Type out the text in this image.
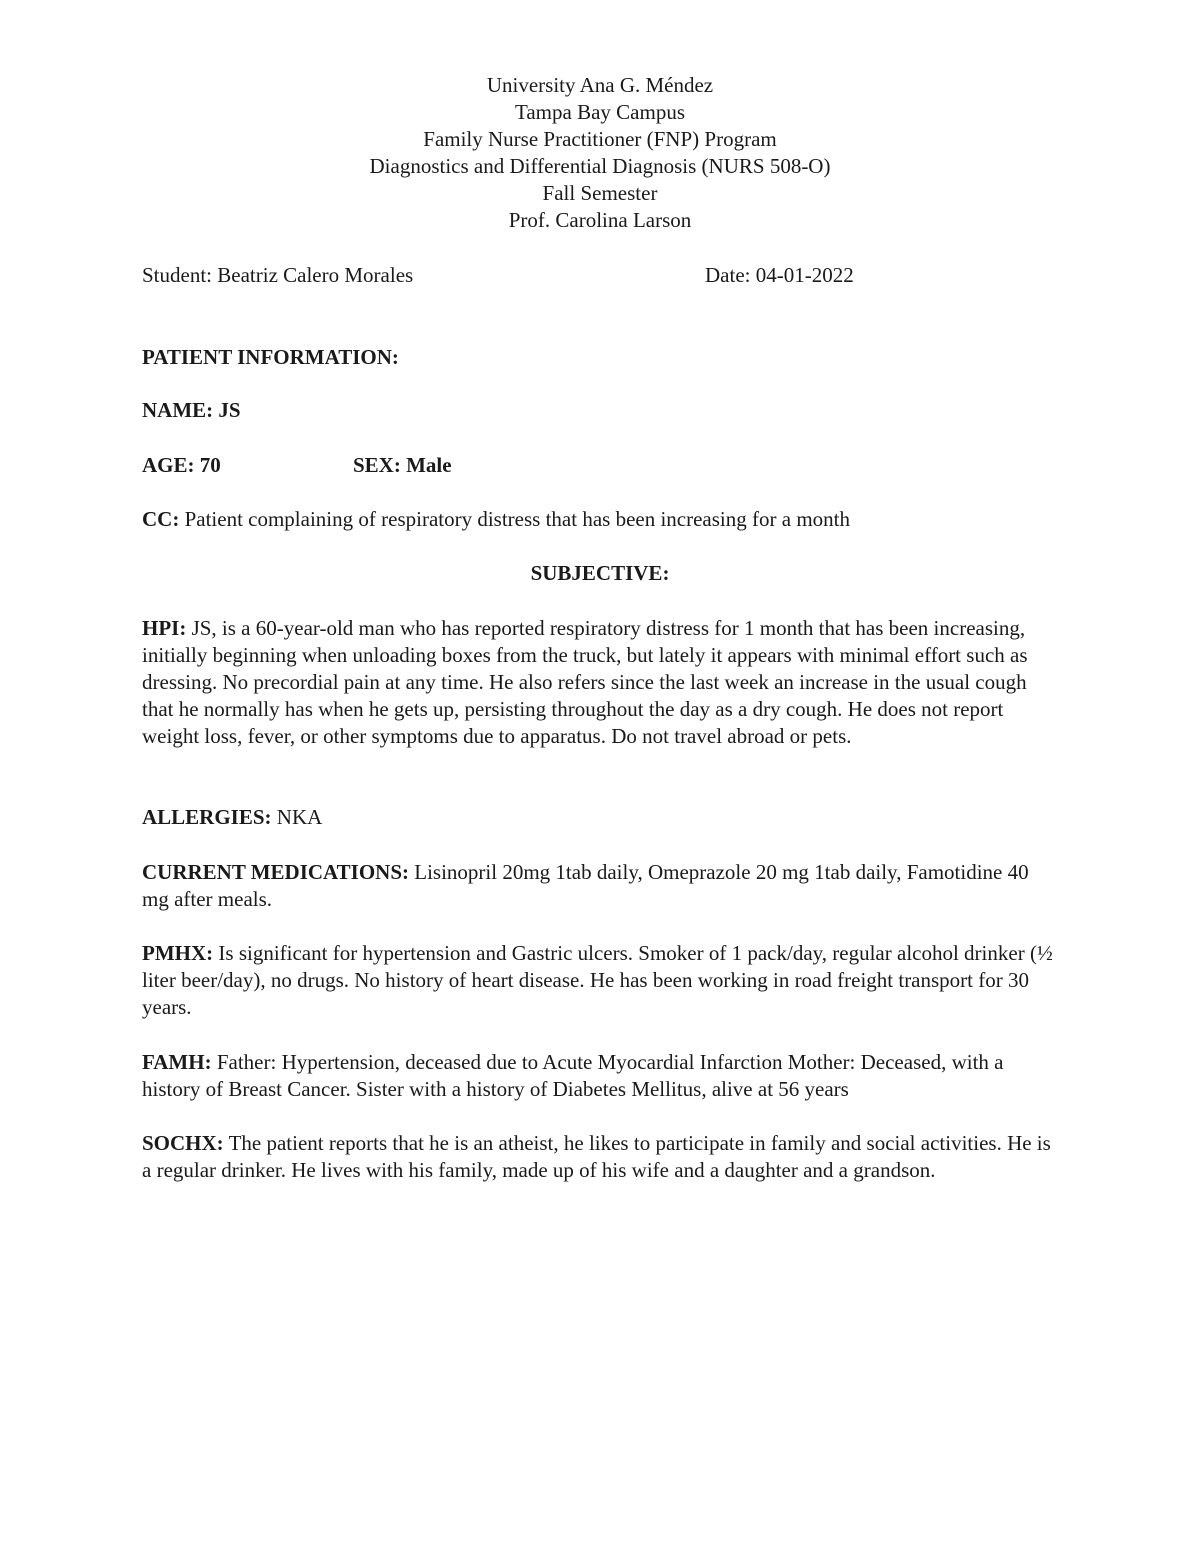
University Ana G. Méndez
Tampa Bay Campus
Family Nurse Practitioner (FNP) Program
Diagnostics and Differential Diagnosis (NURS 508-O)
Fall Semester
Prof. Carolina Larson
Student: Beatriz Calero Morales	Date: 04-01-2022
PATIENT INFORMATION:
NAME: JS
AGE: 70	SEX: Male
CC: Patient complaining of respiratory distress that has been increasing for a month
SUBJECTIVE:
HPI: JS, is a 60-year-old man who has reported respiratory distress for 1 month that has been increasing, initially beginning when unloading boxes from the truck, but lately it appears with minimal effort such as dressing. No precordial pain at any time. He also refers since the last week an increase in the usual cough that he normally has when he gets up, persisting throughout the day as a dry cough. He does not report weight loss, fever, or other symptoms due to apparatus. Do not travel abroad or pets.
ALLERGIES: NKA
CURRENT MEDICATIONS: Lisinopril 20mg 1tab daily, Omeprazole 20 mg 1tab daily, Famotidine 40 mg after meals.
PMHX: Is significant for hypertension and Gastric ulcers. Smoker of 1 pack/day, regular alcohol drinker (½ liter beer/day), no drugs. No history of heart disease. He has been working in road freight transport for 30 years.
FAMH: Father: Hypertension, deceased due to Acute Myocardial Infarction Mother: Deceased, with a history of Breast Cancer. Sister with a history of Diabetes Mellitus, alive at 56 years
SOCHX: The patient reports that he is an atheist, he likes to participate in family and social activities. He is a regular drinker. He lives with his family, made up of his wife and a daughter and a grandson.
